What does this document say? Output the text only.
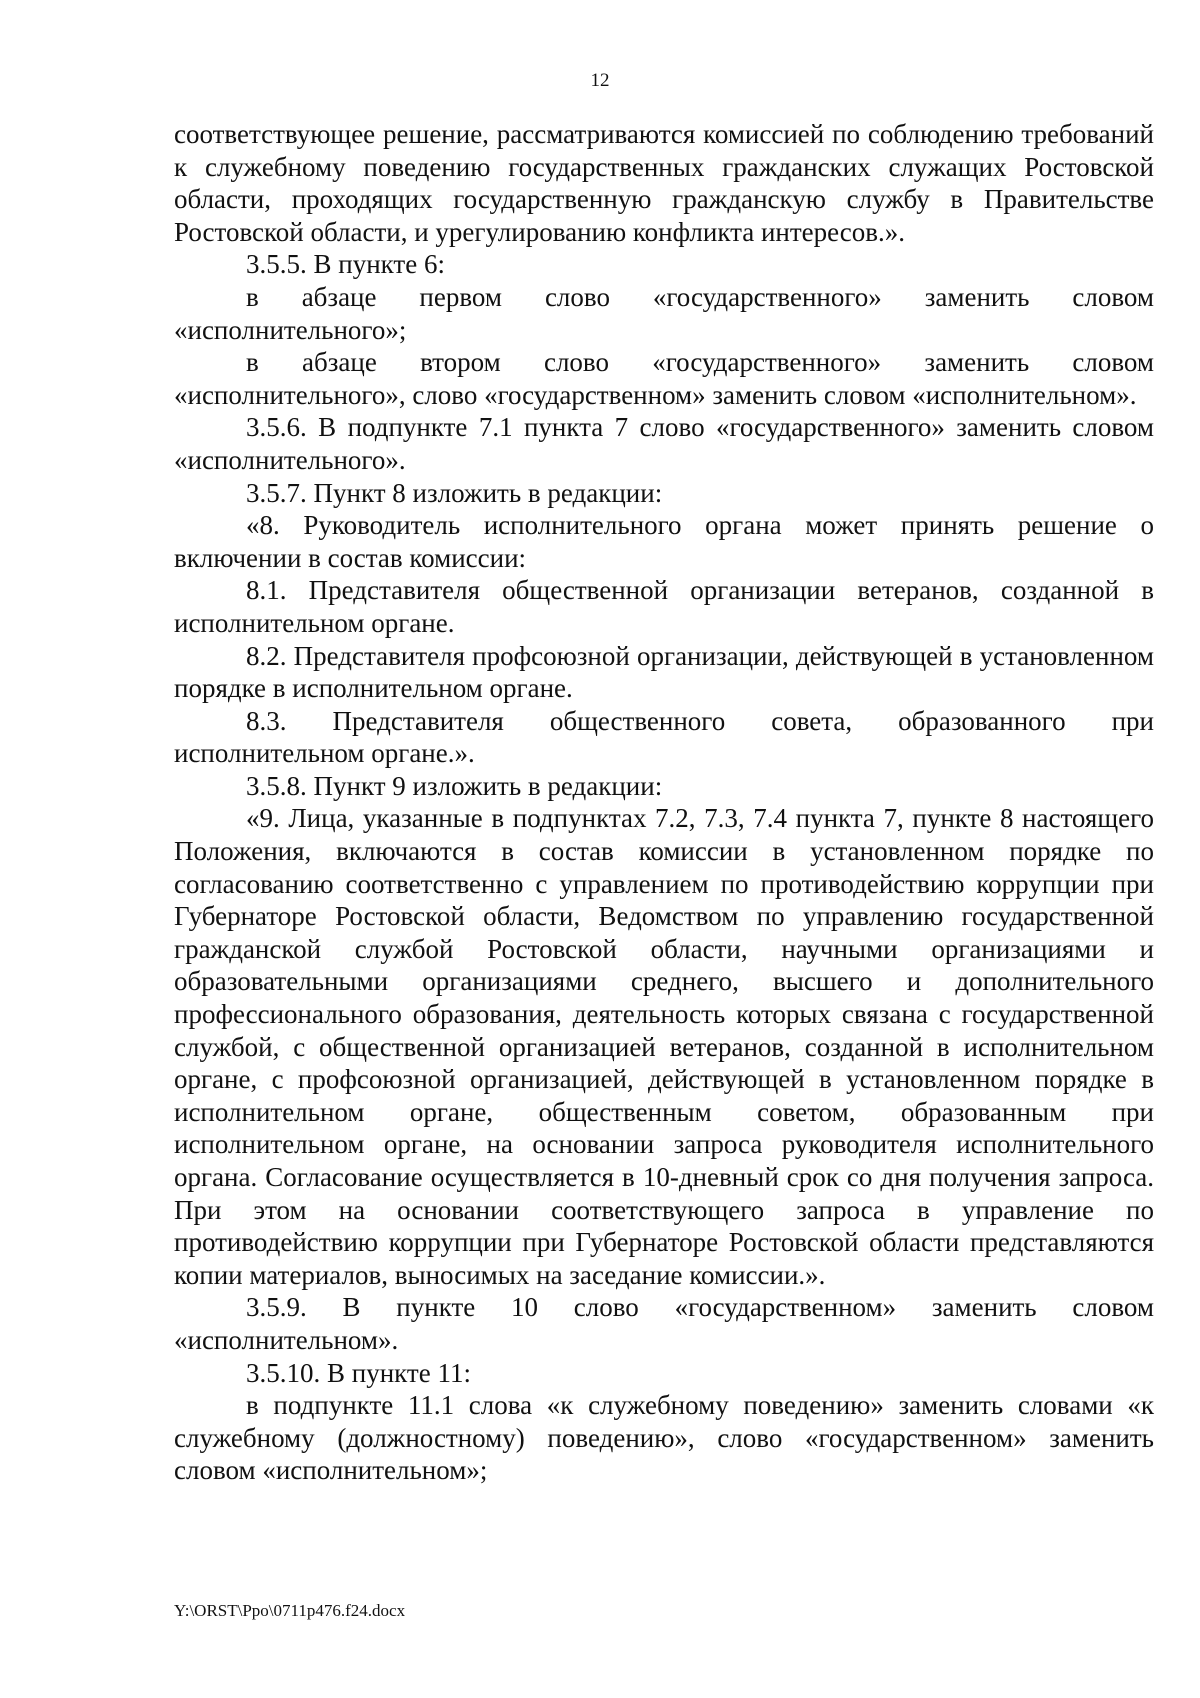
12

соответствующее решение, рассматриваются комиссией по соблюдению требований к служебному поведению государственных гражданских служащих Ростовской области, проходящих государственную гражданскую службу в Правительстве Ростовской области, и урегулированию конфликта интересов.».

3.5.5. В пункте 6:

в абзаце первом слово «государственного» заменить словом «исполнительного»;

в абзаце втором слово «государственного» заменить словом «исполнительного», слово «государственном» заменить словом «исполнительном».

3.5.6. В подпункте 7.1 пункта 7 слово «государственного» заменить словом «исполнительного».

3.5.7. Пункт 8 изложить в редакции:

«8. Руководитель исполнительного органа может принять решение о включении в состав комиссии:

8.1. Представителя общественной организации ветеранов, созданной в исполнительном органе.

8.2. Представителя профсоюзной организации, действующей в установленном порядке в исполнительном органе.

8.3. Представителя общественного совета, образованного при исполнительном органе.».

3.5.8. Пункт 9 изложить в редакции:

«9. Лица, указанные в подпунктах 7.2, 7.3, 7.4 пункта 7, пункте 8 настоящего Положения, включаются в состав комиссии в установленном порядке по согласованию соответственно с управлением по противодействию коррупции при Губернаторе Ростовской области, Ведомством по управлению государственной гражданской службой Ростовской области, научными организациями и образовательными организациями среднего, высшего и дополнительного профессионального образования, деятельность которых связана с государственной службой, с общественной организацией ветеранов, созданной в исполнительном органе, с профсоюзной организацией, действующей в установленном порядке в исполнительном органе, общественным советом, образованным при исполнительном органе, на основании запроса руководителя исполнительного органа. Согласование осуществляется в 10-дневный срок со дня получения запроса. При этом на основании соответствующего запроса в управление по противодействию коррупции при Губернаторе Ростовской области представляются копии материалов, выносимых на заседание комиссии.».

3.5.9. В пункте 10 слово «государственном» заменить словом «исполнительном».

3.5.10. В пункте 11:

в подпункте 11.1 слова «к служебному поведению» заменить словами «к служебному (должностному) поведению», слово «государственном» заменить словом «исполнительном»;

Y:\ORST\Ppo\0711p476.f24.docx
